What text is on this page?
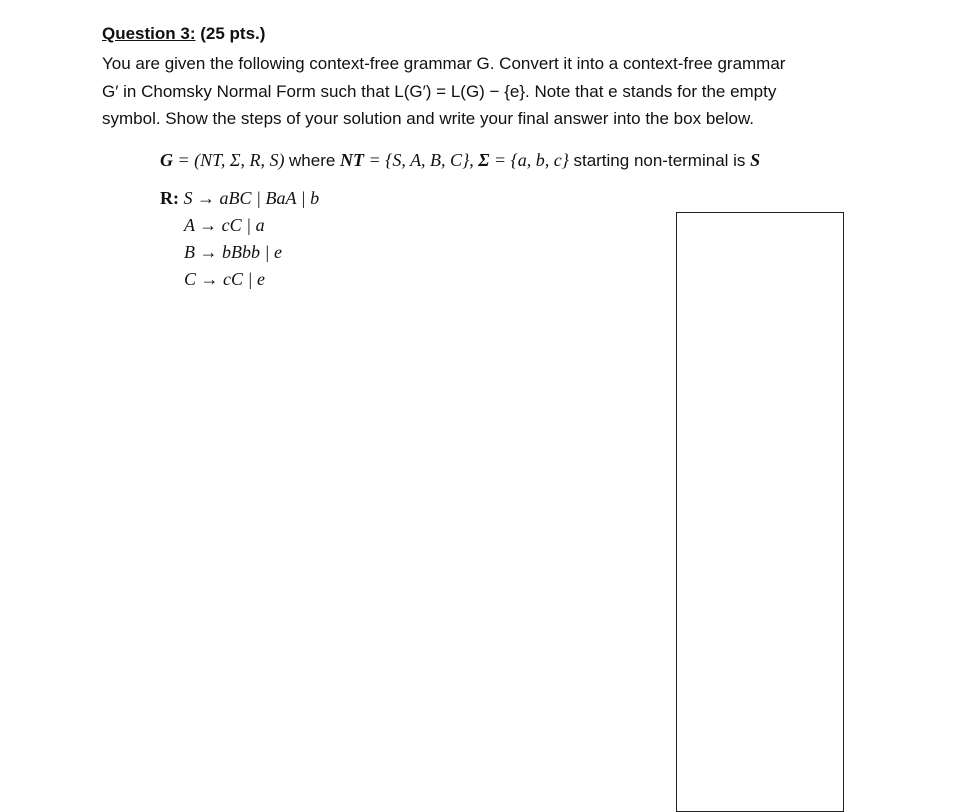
Question 3: (25 pts.)

You are given the following context-free grammar G. Convert it into a context-free grammar

G′ in Chomsky Normal Form such that L(G′) = L(G) − {e}. Note that e stands for the empty

symbol. Show the steps of your solution and write your final answer into the box below.

G = (NT, Σ, R, S) where NT = {S, A, B, C}, Σ = {a, b, c} starting non-terminal is S
R: S → aBC | BaA | b
A → cC | a
B → bBbb | e
C → cC | e
